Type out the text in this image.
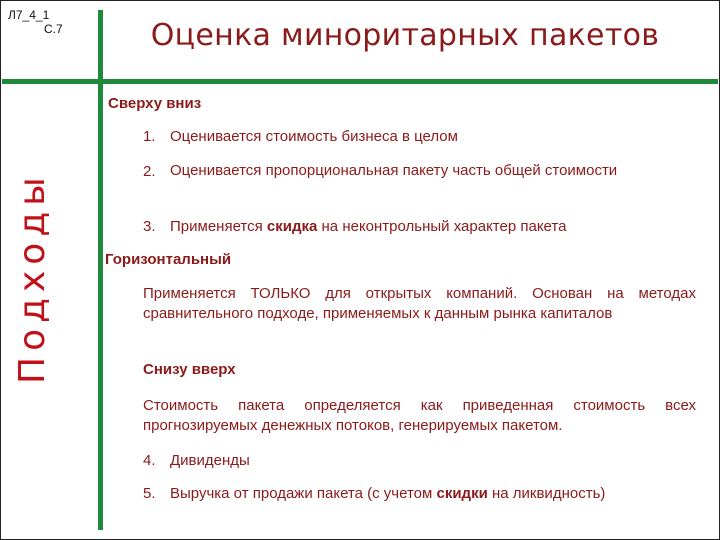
Л7_4_1
С.7	Оценка миноритарных пакетов
Подходы
Сверху вниз
1. Оценивается стоимость бизнеса в целом
2. Оценивается пропорциональная пакету часть общей стоимости
3. Применяется скидка на неконтрольный характер пакета
Горизонтальный
Применяется ТОЛЬКО для открытых компаний. Основан на методах сравнительного подходе, применяемых к данным рынка капиталов
Снизу вверх
Стоимость пакета определяется как приведенная стоимость всех прогнозируемых денежных потоков, генерируемых пакетом.
4. Дивиденды
5. Выручка от продажи пакета (с учетом скидки на ликвидность)
